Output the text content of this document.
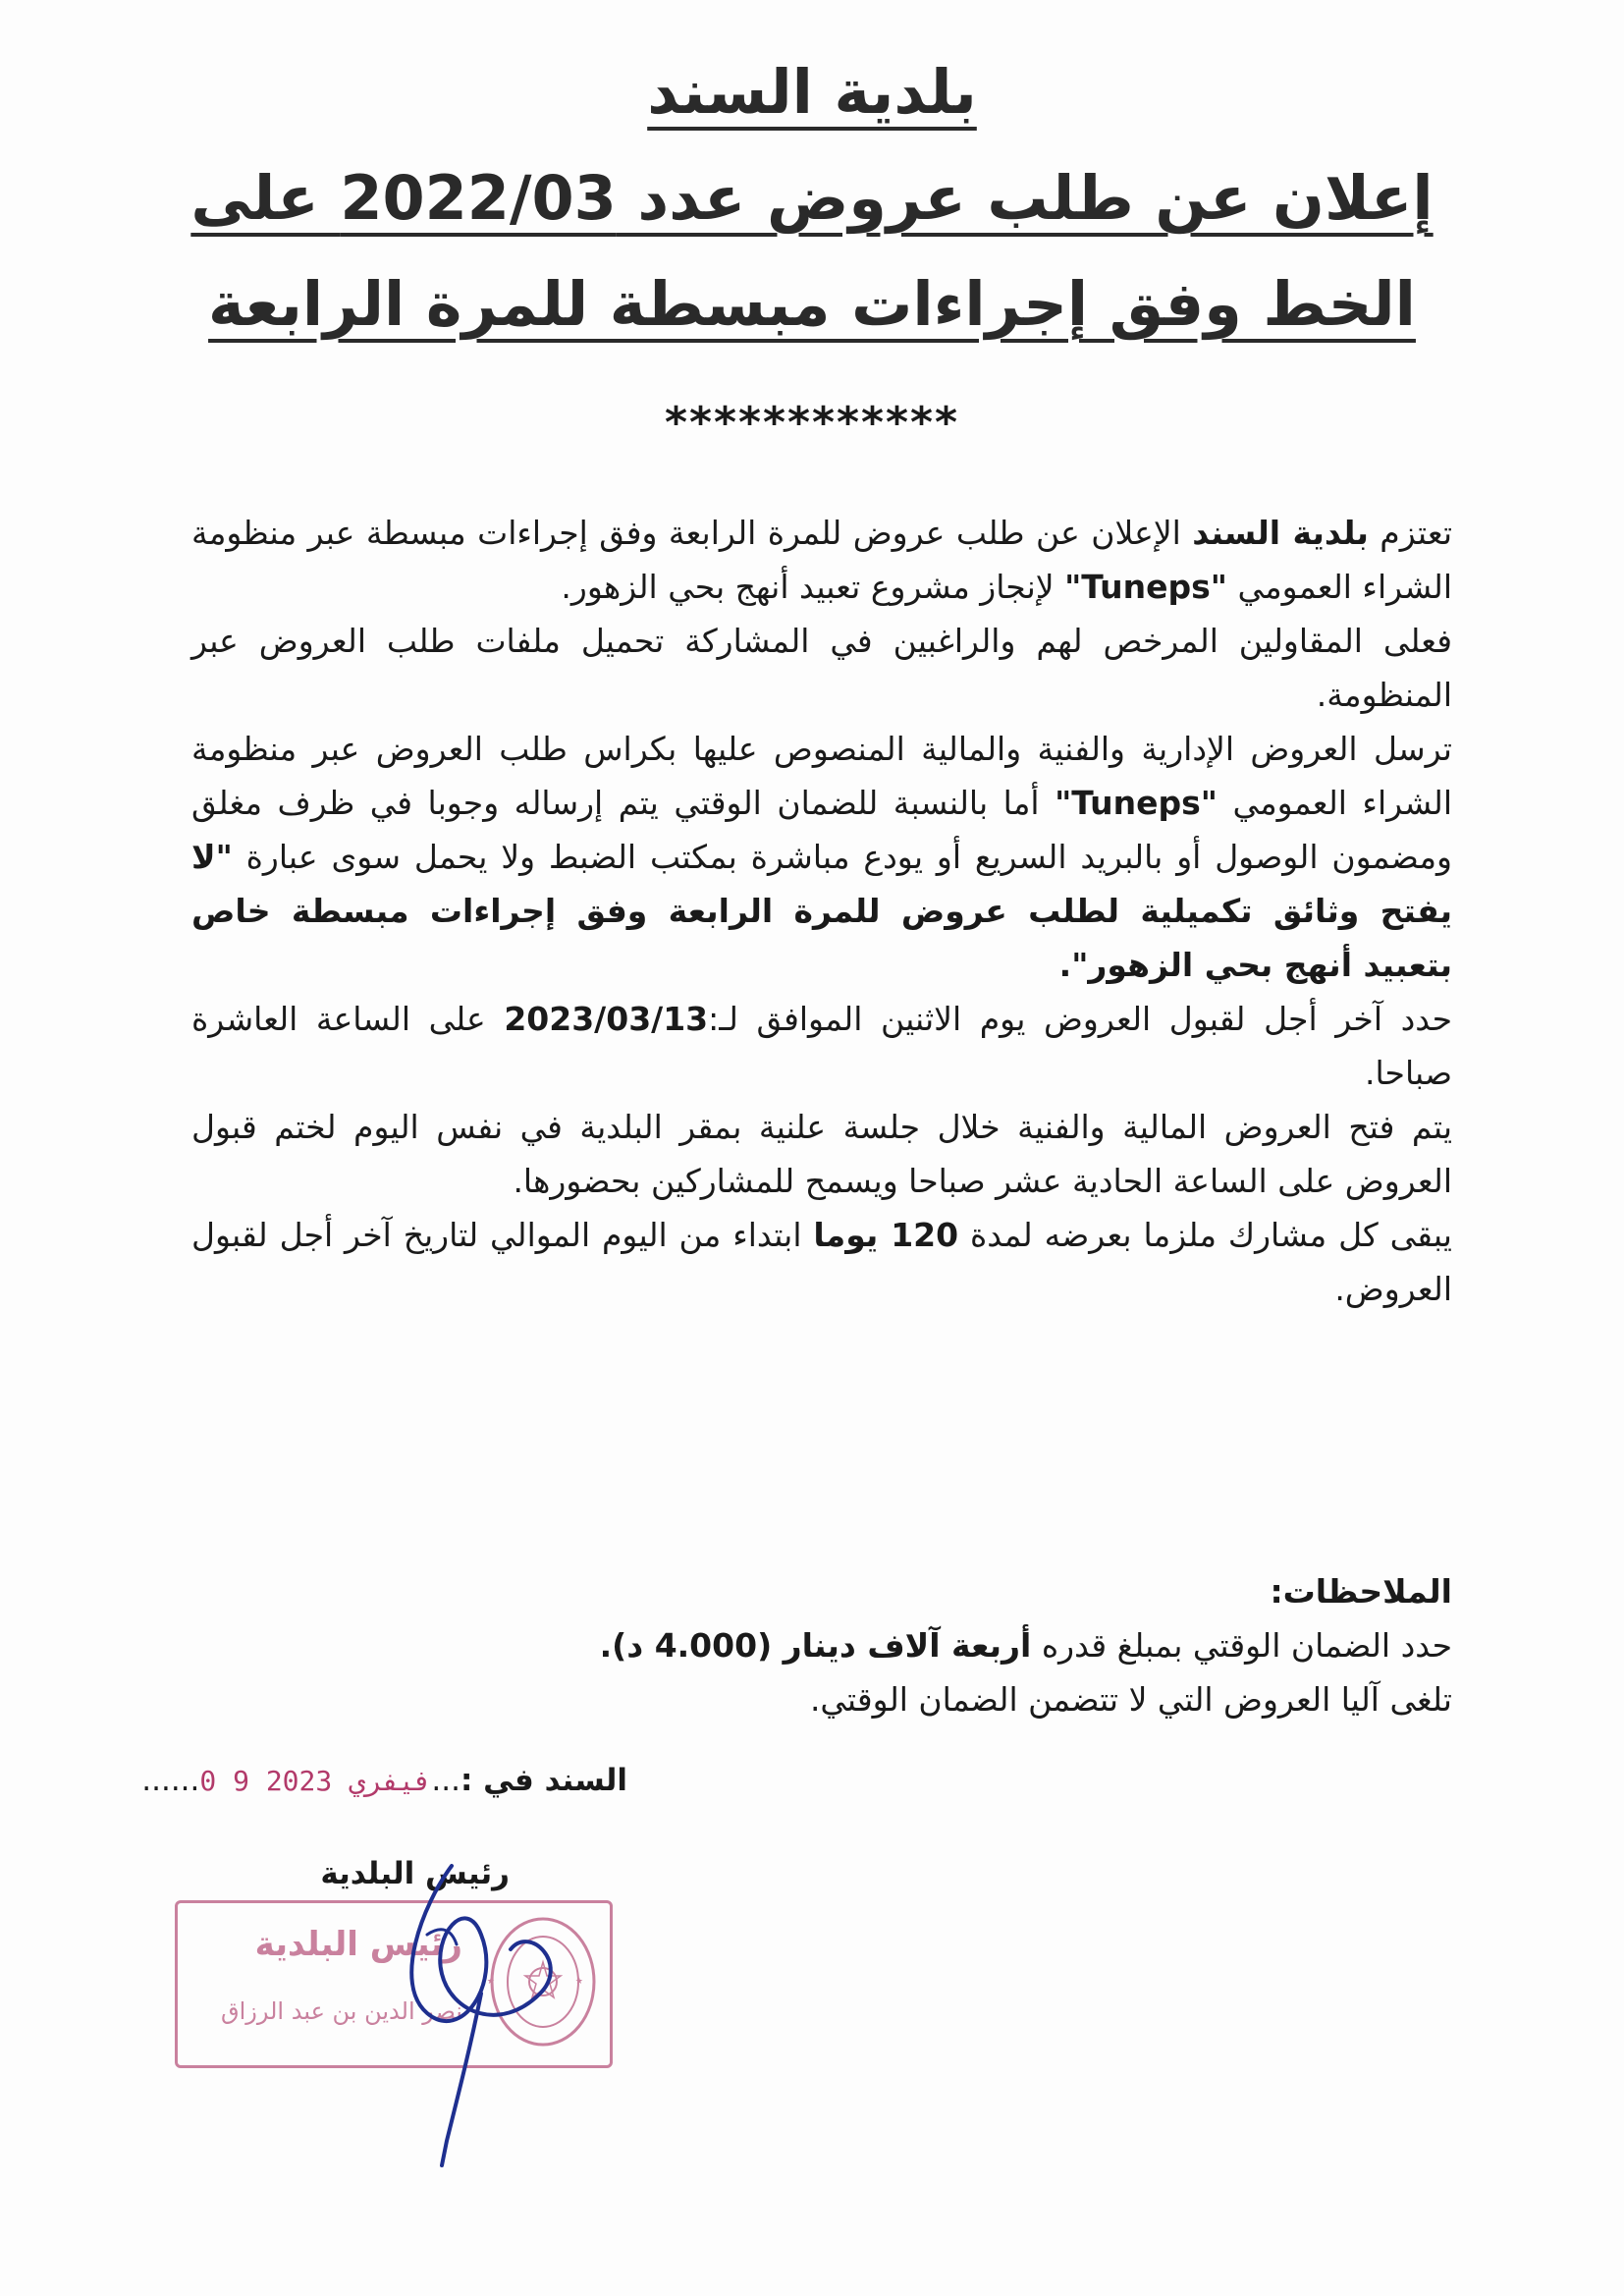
بلدية السند
إعلان عن طلب عروض عدد 2022/03 على
الخط وفق إجراءات مبسطة للمرة الرابعة
************

تعتزم بلدية السند الإعلان عن طلب عروض للمرة الرابعة وفق إجراءات مبسطة عبر منظومة الشراء العمومي "Tuneps" لإنجاز مشروع تعبيد أنهج بحي الزهور.

فعلى المقاولين المرخص لهم والراغبين في المشاركة تحميل ملفات طلب العروض عبر المنظومة.

ترسل العروض الإدارية والفنية والمالية المنصوص عليها بكراس طلب العروض عبر منظومة الشراء العمومي "Tuneps" أما بالنسبة للضمان الوقتي يتم إرساله وجوبا في ظرف مغلق ومضمون الوصول أو بالبريد السريع أو يودع مباشرة بمكتب الضبط ولا يحمل سوى عبارة "لا يفتح وثائق تكميلية لطلب عروض للمرة الرابعة وفق إجراءات مبسطة خاص بتعبيد أنهج بحي الزهور".

حدد آخر أجل لقبول العروض يوم الاثنين الموافق لـ:2023/03/13 على الساعة العاشرة صباحا.

يتم فتح العروض المالية والفنية خلال جلسة علنية بمقر البلدية في نفس اليوم لختم قبول العروض على الساعة الحادية عشر صباحا ويسمح للمشاركين بحضورها.

يبقى كل مشارك ملزما بعرضه لمدة 120 يوما ابتداء من اليوم الموالي لتاريخ آخر أجل لقبول العروض.

الملاحظات:

حدد الضمان الوقتي بمبلغ قدره أربعة آلاف دينار (4.000 د).

تلغى آليا العروض التي لا تتضمن الضمان الوقتي.

السند في :...0 9 فيفري 2023......
رئيس البلدية
رئيس البلدية
نصر الدين بن عبد الرزاق
★	★
